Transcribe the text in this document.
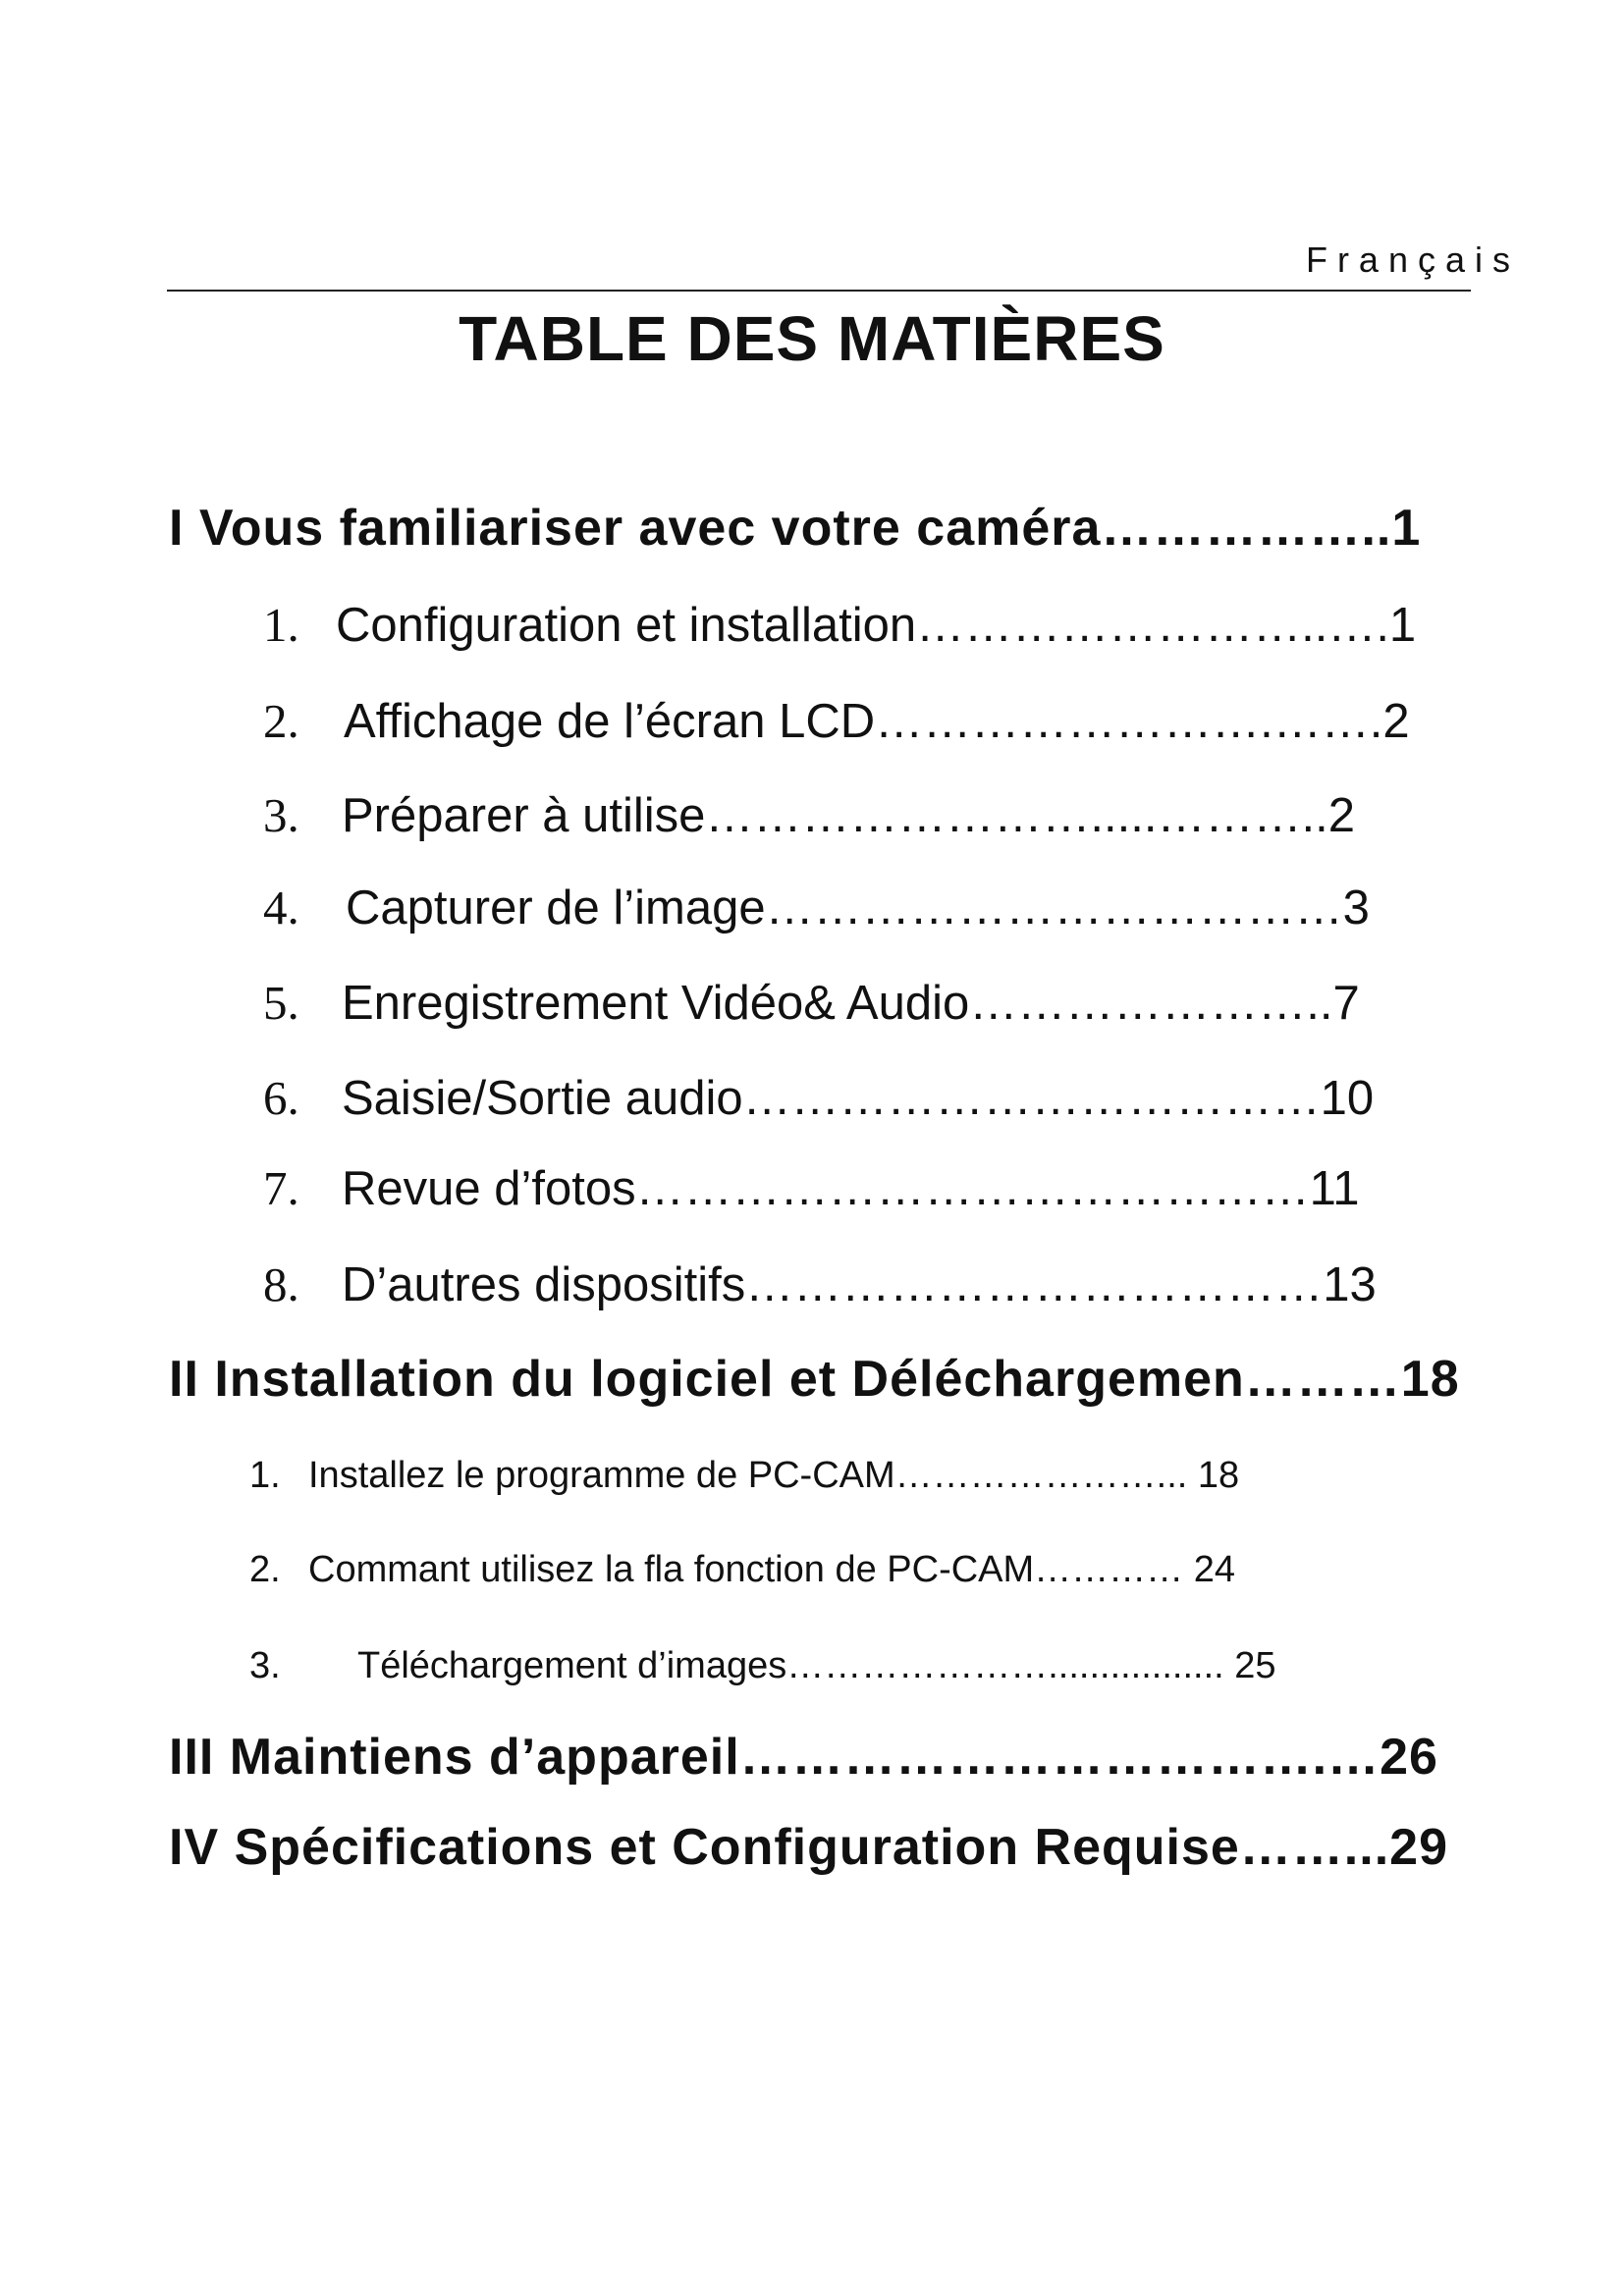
Français
TABLE DES MATIÈRES
I Vous familiariser avec votre caméra……………..1
1. Configuration et installation……………………..….1
2. Affichage de l’écran LCD…………………….…….2
3. Préparer à utilise…………………….....………..2
4. Capturer de l’image………………………………3
5. Enregistrement Vidéo& Audio…………………..7
6. Saisie/Sortie audio………………………………10
7. Revue d’fotos……………………………………11
8. D’autres dispositifs………………………………13
II Installation du logiciel et Déléchargemen………18
1. Installez le programme de PC-CAM…………………... 18
2. Commant utilisez la fla fonction de PC-CAM………… 24
3. Téléchargement d’images…………………................. 25
III Maintiens d’appareil…………………………….…26
IV Spécifications et Configuration Requise……...29
